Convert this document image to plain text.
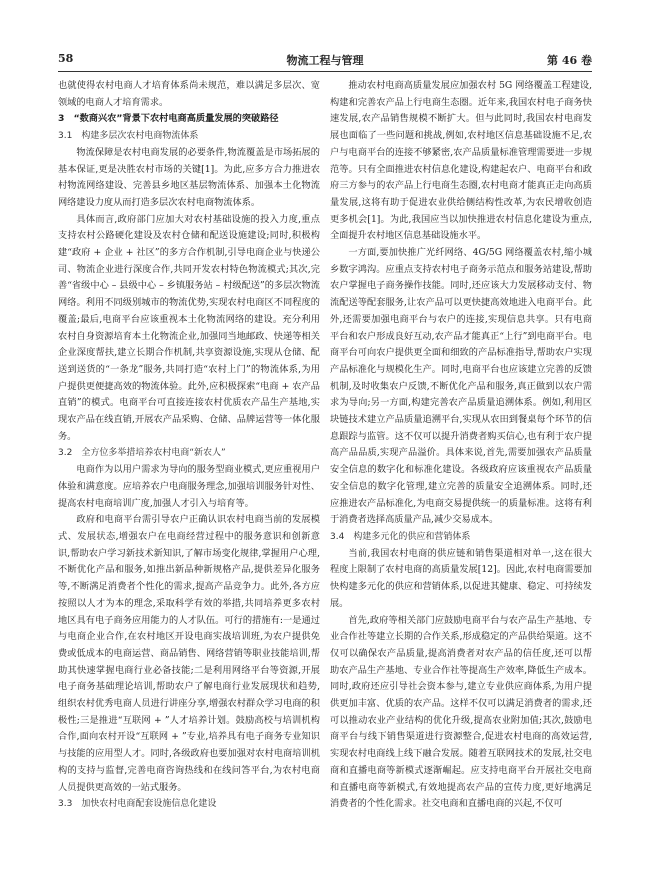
58	物流工程与管理	第 46 卷

也就使得农村电商人才培育体系尚未规范，难以满足多层次、宽领域的电商人才培育需求。

3　“数商兴农”背景下农村电商高质量发展的突破路径

3.1　构建多层次农村电商物流体系

物流保障是农村电商发展的必要条件,物流覆盖是市场拓展的基本保证,更是决胜农村市场的关键[1]。为此,应多方合力推进农村物流网络建设、完善县乡地区基层物流体系、加强本土化物流网络建设力度从而打造多层次农村电商物流体系。

具体而言,政府部门应加大对农村基础设施的投入力度,重点支持农村公路硬化建设及农村仓储和配送设施建设;同时,积极构建“政府 + 企业 + 社区”的多方合作机制,引导电商企业与快递公司、物流企业进行深度合作,共同开发农村特色物流模式;其次,完善“省级中心 – 县级中心 – 乡镇服务站 – 村级配送”的多层次物流网络。利用不同级别城市的物流优势,实现农村电商区不同程度的覆盖;最后,电商平台应该重视本土化物流网络的建设。充分利用农村自身资源培育本土化物流企业,加强同当地邮政、快递等相关企业深度帮扶,建立长期合作机制,共享资源设施,实现从仓储、配送到送货的“一条龙”服务,共同打造“农村上门”的物流体系,为用户提供更便捷高效的物流体验。此外,应积极探索“电商 + 农产品直销”的模式。电商平台可直接连接农村优质农产品生产基地,实现农产品在线直销,开展农产品采购、仓储、品牌运营等一体化服务。

3.2　全方位多举措培养农村电商“新农人”

电商作为以用户需求为导向的服务型商业模式,更应重视用户体验和满意度。应培养农户电商服务理念,加强培训服务针对性、提高农村电商培训广度,加强人才引入与培育等。

政府和电商平台需引导农户正确认识农村电商当前的发展模式、发展状态,增强农户在电商经营过程中的服务意识和创新意识,帮助农户学习新技术新知识,了解市场变化规律,掌握用户心理,不断优化产品和服务,如推出新品种新规格产品,提供差异化服务等,不断满足消费者个性化的需求,提高产品竞争力。此外,各方应按照以人才为本的理念,采取科学有效的举措,共同培养更多农村地区具有电子商务应用能力的人才队伍。可行的措施有:一是通过与电商企业合作,在农村地区开设电商实战培训班,为农户提供免费或低成本的电商运营、商品销售、网络营销等职业技能培训,帮助其快速掌握电商行业必备技能;二是利用网络平台等资源,开展电子商务基础理论培训,帮助农户了解电商行业发展现状和趋势,组织农村优秀电商人员进行讲座分享,增强农村群众学习电商的积极性;三是推进“互联网 + ”人才培养计划。鼓励高校与培训机构合作,面向农村开设“互联网 + ”专业,培养具有电子商务专业知识与技能的应用型人才。同时,各级政府也要加强对农村电商培训机构的支持与监督,完善电商咨询热线和在线问答平台,为农村电商人员提供更高效的一站式服务。

3.3　加快农村电商配套设施信息化建设

推动农村电商高质量发展应加强农村 5G 网络覆盖工程建设,构建和完善农产品上行电商生态圈。近年来,我国农村电子商务快速发展,农产品销售规模不断扩大。但与此同时,我国农村电商发展也面临了一些问题和挑战,例如,农村地区信息基础设施不足,农户与电商平台的连接不够紧密,农产品质量标准管理需要进一步规范等。只有全面推进农村信息化建设,构建起农户、电商平台和政府三方参与的农产品上行电商生态圈,农村电商才能真正走向高质量发展,这将有助于促进农业供给侧结构性改革,为农民增收创造更多机会[1]。为此,我国应当以加快推进农村信息化建设为重点,全面提升农村地区信息基础设施水平。

一方面,要加快推广光纤网络、4G/5G 网络覆盖农村,缩小城乡数字鸿沟。应重点支持农村电子商务示范点和服务站建设,帮助农户掌握电子商务操作技能。同时,还应该大力发展移动支付、物流配送等配套服务,让农产品可以更快捷高效地进入电商平台。此外,还需要加强电商平台与农户的连接,实现信息共享。只有电商平台和农户形成良好互动,农产品才能真正“上行”到电商平台。电商平台可向农户提供更全面和细致的产品标准指导,帮助农户实现产品标准化与规模化生产。同时,电商平台也应该建立完善的反馈机制,及时收集农户反馈,不断优化产品和服务,真正做到以农户需求为导向;另一方面,构建完善农产品质量追溯体系。例如,利用区块链技术建立产品质量追溯平台,实现从农田到餐桌每个环节的信息跟踪与监管。这不仅可以提升消费者购买信心,也有利于农户提高产品品质,实现产品溢价。具体来说,首先,需要加强农产品质量安全信息的数字化和标准化建设。各级政府应该重视农产品质量安全信息的数字化管理,建立完善的质量安全追溯体系。同时,还应推进农产品标准化,为电商交易提供统一的质量标准。这将有利于消费者选择高质量产品,减少交易成本。

3.4　构建多元化的供应和营销体系

当前,我国农村电商的供应链和销售渠道相对单一,这在很大程度上限制了农村电商的高质量发展[12]。因此,农村电商需要加快构建多元化的供应和营销体系,以促进其健康、稳定、可持续发展。

首先,政府等相关部门应鼓励电商平台与农产品生产基地、专业合作社等建立长期的合作关系,形成稳定的产品供给渠道。这不仅可以确保农产品质量,提高消费者对农产品的信任度,还可以帮助农产品生产基地、专业合作社等提高生产效率,降低生产成本。同时,政府还应引导社会资本参与,建立专业供应商体系,为用户提供更加丰富、优质的农产品。这样不仅可以满足消费者的需求,还可以推动农业产业结构的优化升级,提高农业附加值;其次,鼓励电商平台与线下销售渠道进行资源整合,促进农村电商的高效运营,实现农村电商线上线下融合发展。随着互联网技术的发展,社交电商和直播电商等新模式逐渐崛起。应支持电商平台开展社交电商和直播电商等新模式,有效地提高农产品的宣传力度,更好地满足消费者的个性化需求。社交电商和直播电商的兴起,不仅可
